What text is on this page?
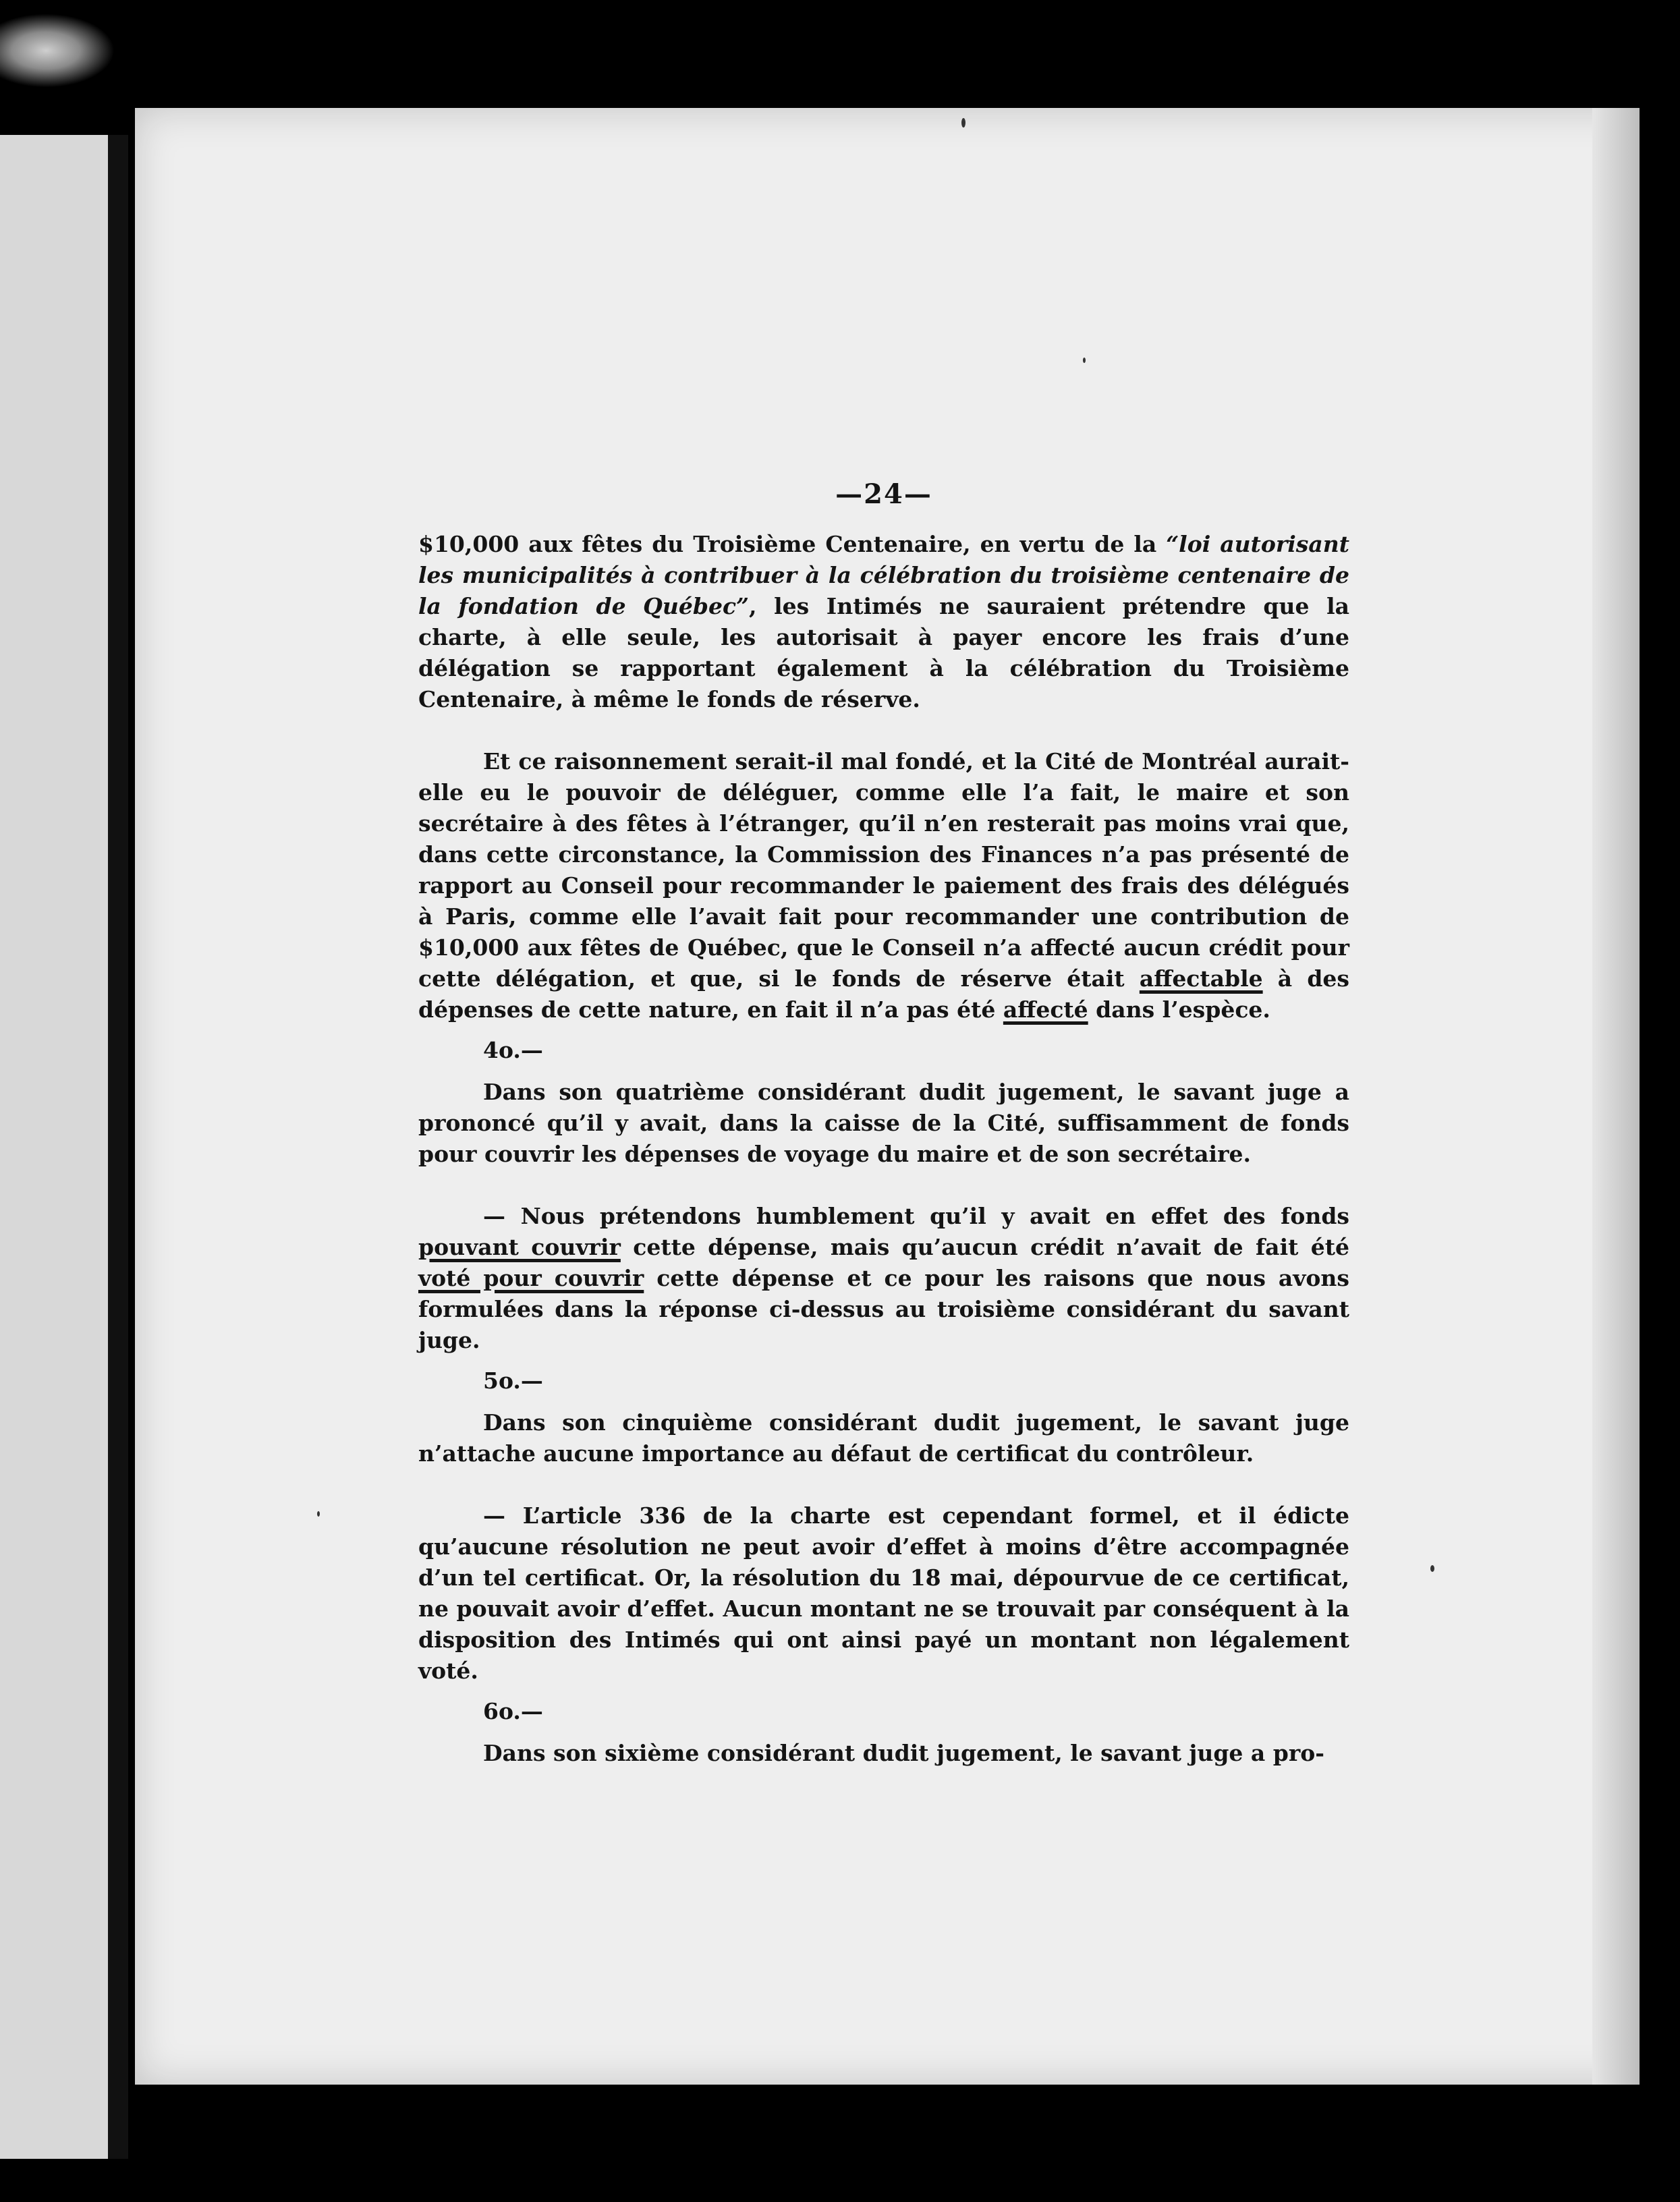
—24—

$10,000 aux fêtes du Troisième Centenaire, en vertu de la “loi autorisant les municipalités à contribuer à la célébration du troisième centenaire de la fondation de Québec”, les Intimés ne sauraient prétendre que la charte, à elle seule, les autorisait à payer encore les frais d’une délégation se rapportant également à la célébration du Troisième Centenaire, à même le fonds de réserve.

Et ce raisonnement serait-il mal fondé, et la Cité de Montréal aurait-elle eu le pouvoir de déléguer, comme elle l’a fait, le maire et son secrétaire à des fêtes à l’étranger, qu’il n’en resterait pas moins vrai que, dans cette circonstance, la Commission des Finances n’a pas présenté de rapport au Conseil pour recommander le paiement des frais des délégués à Paris, comme elle l’avait fait pour recommander une contribution de $10,000 aux fêtes de Québec, que le Conseil n’a affecté aucun crédit pour cette délégation, et que, si le fonds de réserve était affectable à des dépenses de cette nature, en fait il n’a pas été affecté dans l’espèce.

4o.—

Dans son quatrième considérant dudit jugement, le savant juge a prononcé qu’il y avait, dans la caisse de la Cité, suffisamment de fonds pour couvrir les dépenses de voyage du maire et de son secrétaire.

— Nous prétendons humblement qu’il y avait en effet des fonds pouvant couvrir cette dépense, mais qu’aucun crédit n’avait de fait été voté pour couvrir cette dépense et ce pour les raisons que nous avons formulées dans la réponse ci-dessus au troisième considérant du savant juge.

5o.—

Dans son cinquième considérant dudit jugement, le savant juge n’attache aucune importance au défaut de certificat du contrôleur.

— L’article 336 de la charte est cependant formel, et il édicte qu’aucune résolution ne peut avoir d’effet à moins d’être accompagnée d’un tel certificat. Or, la résolution du 18 mai, dépourvue de ce certificat, ne pouvait avoir d’effet. Aucun montant ne se trouvait par conséquent à la disposition des Intimés qui ont ainsi payé un montant non légalement voté.

6o.—

Dans son sixième considérant dudit jugement, le savant juge a pro-
